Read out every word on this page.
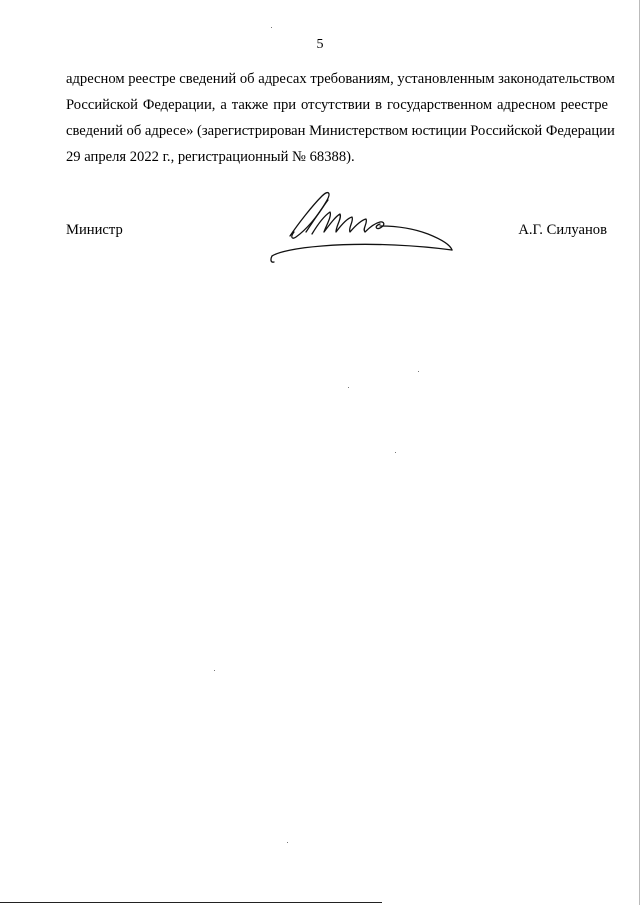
5
адресном реестре сведений об адресах требованиям, установленным законодательством
Российской Федерации, а также при отсутствии в государственном адресном реестре
сведений об адресе» (зарегистрирован Министерством юстиции Российской Федерации
29 апреля 2022 г., регистрационный № 68388).
Министр	А.Г. Силуанов
